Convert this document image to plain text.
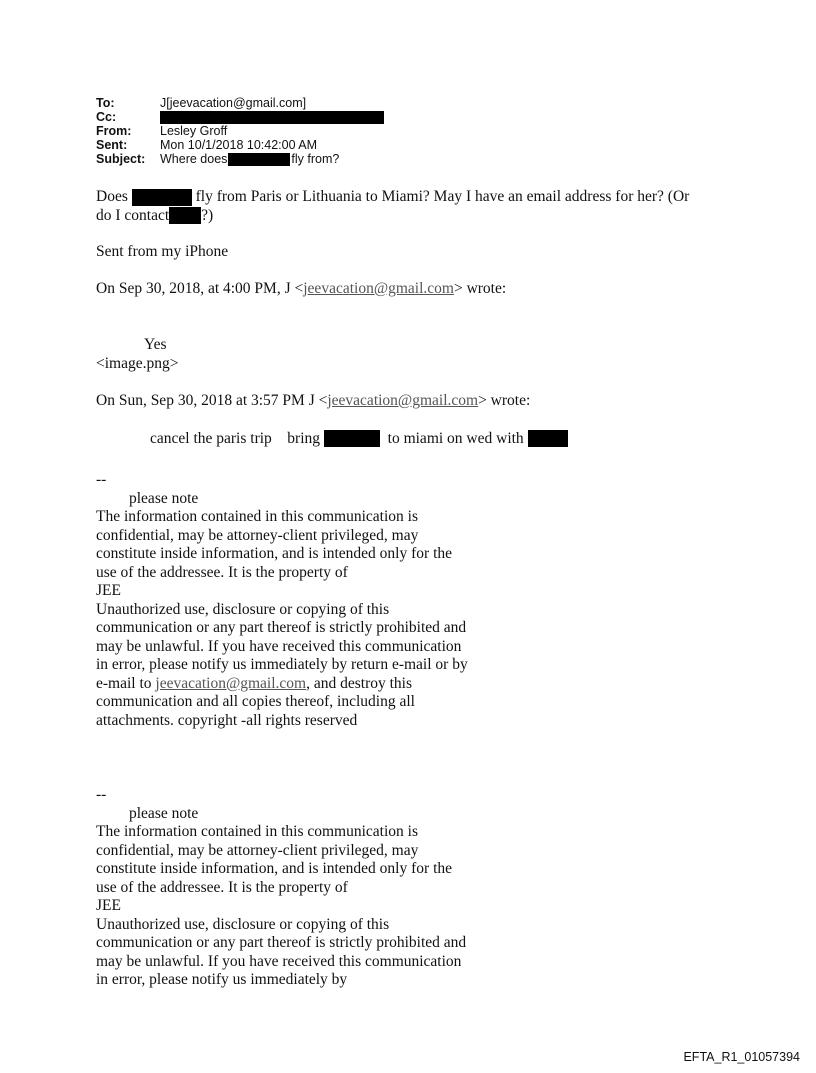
To:	J[jeevacation@gmail.com]
Cc:
From:	Lesley Groff
Sent:	Mon 10/1/2018 10:42:00 AM
Subject:	Where does	fly from?

Does	fly from Paris or Lithuania to Miami? May I have an email address for her? (Or

do I contact ?)

Sent from my iPhone

On Sep 30, 2018, at 4:00 PM, J <jeevacation@gmail.com> wrote:

Yes

<image.png>

On Sun, Sep 30, 2018 at 3:57 PM J <jeevacation@gmail.com> wrote:

cancel the paris trip    bring	to miami on wed with

--

please note

The information contained in this communication is confidential, may be attorney-client privileged, may constitute inside information, and is intended only for the use of the addressee. It is the property of

JEE

Unauthorized use, disclosure or copying of this communication or any part thereof is strictly prohibited and may be unlawful. If you have received this communication in error, please notify us immediately by return e-mail or by e-mail to jeevacation@gmail.com, and destroy this communication and all copies thereof, including all attachments. copyright -all rights reserved

--

please note

The information contained in this communication is confidential, may be attorney-client privileged, may constitute inside information, and is intended only for the use of the addressee. It is the property of

JEE

Unauthorized use, disclosure or copying of this communication or any part thereof is strictly prohibited and may be unlawful. If you have received this communication in error, please notify us immediately by

EFTA_R1_01057394
